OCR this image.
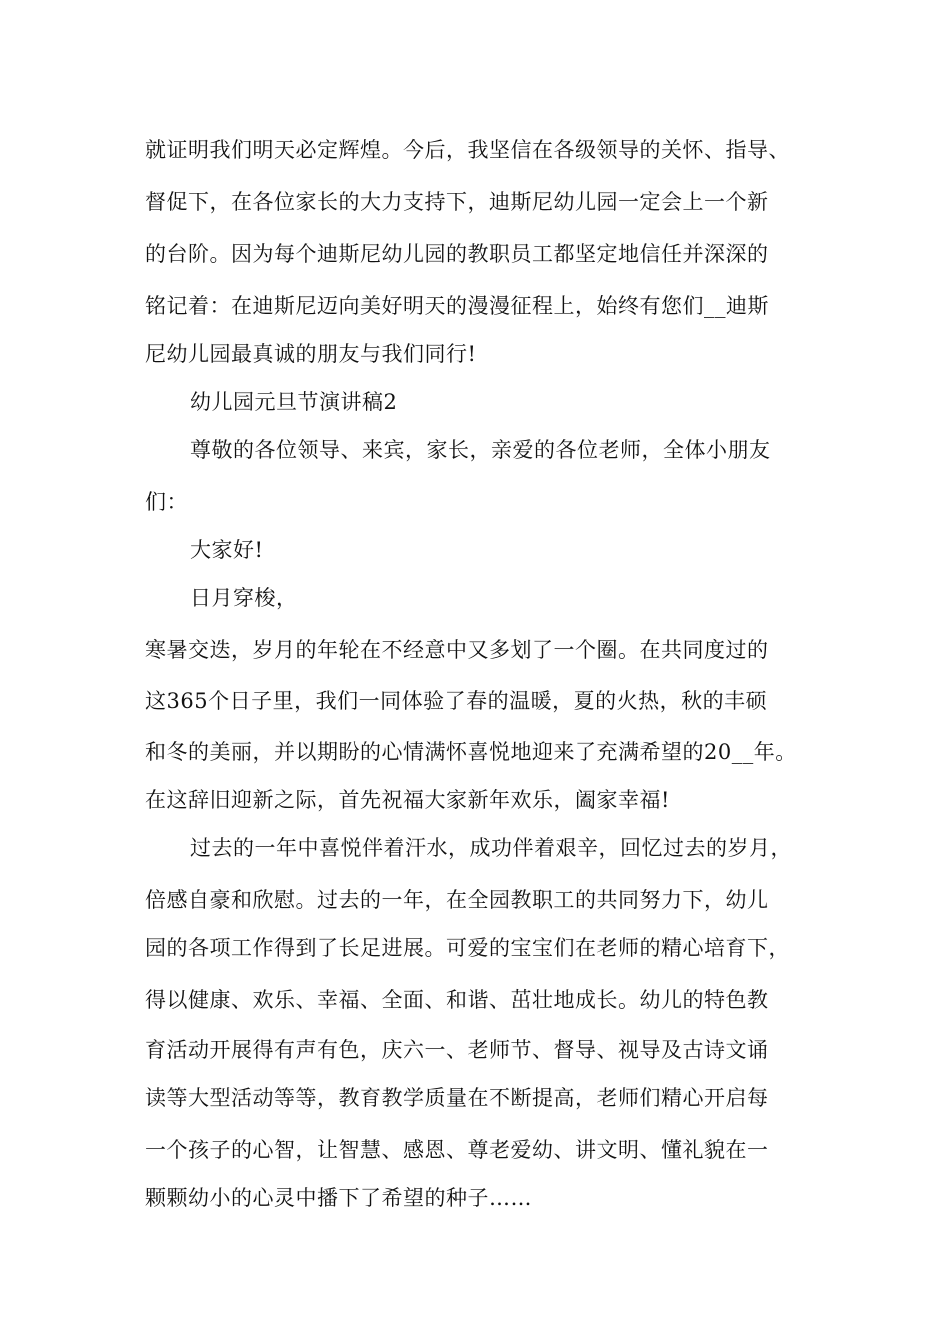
就证明我们明天必定辉煌。今后，我坚信在各级领导的关怀、指导、
督促下，在各位家长的大力支持下，迪斯尼幼儿园一定会上一个新
的台阶。因为每个迪斯尼幼儿园的教职员工都坚定地信任并深深的
铭记着：在迪斯尼迈向美好明天的漫漫征程上，始终有您们__迪斯
尼幼儿园最真诚的朋友与我们同行!
幼儿园元旦节演讲稿2
尊敬的各位领导、来宾，家长，亲爱的各位老师，全体小朋友
们：
大家好!
日月穿梭，
寒暑交迭，岁月的年轮在不经意中又多划了一个圈。在共同度过的
这365个日子里，我们一同体验了春的温暖，夏的火热，秋的丰硕
和冬的美丽，并以期盼的心情满怀喜悦地迎来了充满希望的20__年。
在这辞旧迎新之际，首先祝福大家新年欢乐，阖家幸福!
过去的一年中喜悦伴着汗水，成功伴着艰辛，回忆过去的岁月，
倍感自豪和欣慰。过去的一年，在全园教职工的共同努力下，幼儿
园的各项工作得到了长足进展。可爱的宝宝们在老师的精心培育下，
得以健康、欢乐、幸福、全面、和谐、茁壮地成长。幼儿的特色教
育活动开展得有声有色，庆六一、老师节、督导、视导及古诗文诵
读等大型活动等等，教育教学质量在不断提高，老师们精心开启每
一个孩子的心智，让智慧、感恩、尊老爱幼、讲文明、懂礼貌在一
颗颗幼小的心灵中播下了希望的种子……
